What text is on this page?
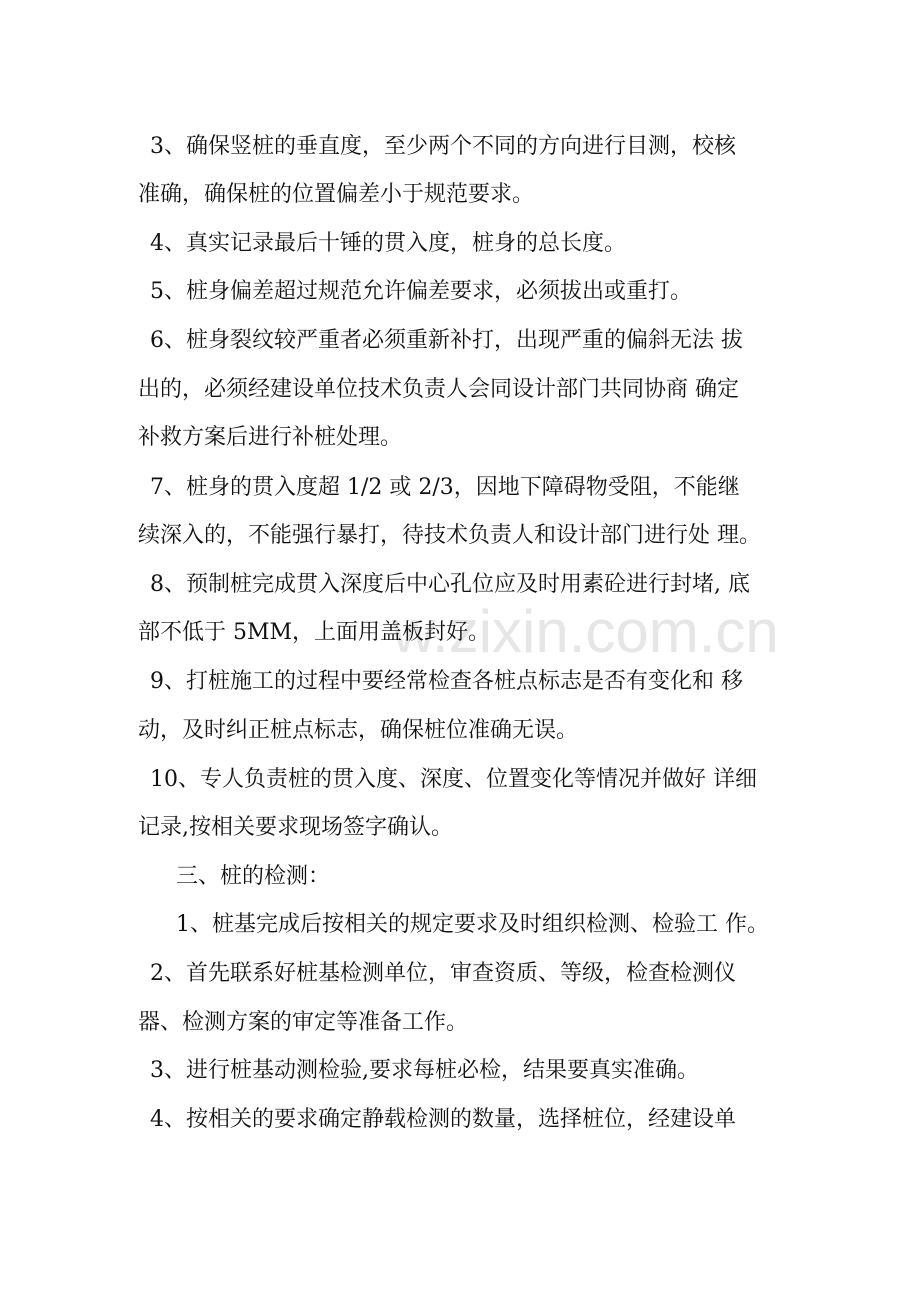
w.zixin.com.cn
3、确保竖桩的垂直度，至少两个不同的方向进行目测，校核
准确，确保桩的位置偏差小于规范要求。
4、真实记录最后十锤的贯入度，桩身的总长度。
5、桩身偏差超过规范允许偏差要求，必须拔出或重打。
6、桩身裂纹较严重者必须重新补打，出现严重的偏斜无法 拔
出的，必须经建设单位技术负责人会同设计部门共同协商 确定
补救方案后进行补桩处理。
7、桩身的贯入度超 1/2 或 2/3，因地下障碍物受阻，不能继
续深入的，不能强行暴打，待技术负责人和设计部门进行处 理。
8、预制桩完成贯入深度后中心孔位应及时用素砼进行封堵, 底
部不低于 5MM，上面用盖板封好。
9、打桩施工的过程中要经常检查各桩点标志是否有变化和 移
动，及时纠正桩点标志，确保桩位准确无误。
10、专人负责桩的贯入度、深度、位置变化等情况并做好 详细
记录,按相关要求现场签字确认。
三、桩的检测：
1、桩基完成后按相关的规定要求及时组织检测、检验工 作。
2、首先联系好桩基检测单位，审查资质、等级，检查检测仪
器、检测方案的审定等准备工作。
3、进行桩基动测检验,要求每桩必检，结果要真实准确。
4、按相关的要求确定静载检测的数量，选择桩位，经建设单
